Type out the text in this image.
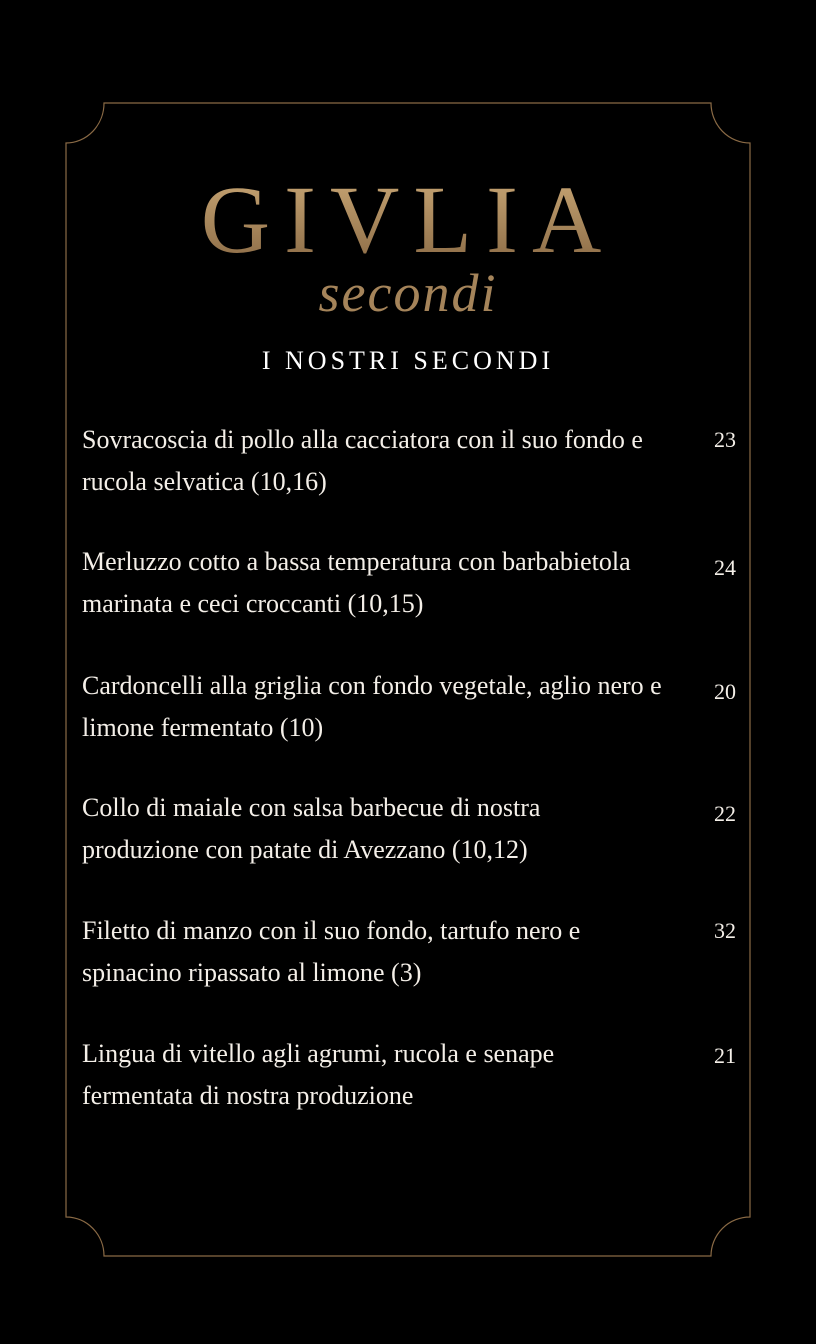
GIVLIA
secondi
I NOSTRI SECONDI
Sovracoscia di pollo alla cacciatora con il suo fondo e rucola selvatica (10,16)
23
Merluzzo cotto a bassa temperatura con barbabietola marinata e ceci croccanti (10,15)
24
Cardoncelli alla griglia con fondo vegetale, aglio nero e limone fermentato (10)
20
Collo di maiale con salsa barbecue di nostra produzione con patate di Avezzano (10,12)
22
Filetto di manzo con il suo fondo, tartufo nero e spinacino ripassato al limone (3)
32
Lingua di vitello agli agrumi, rucola e senape fermentata di nostra produzione
21
